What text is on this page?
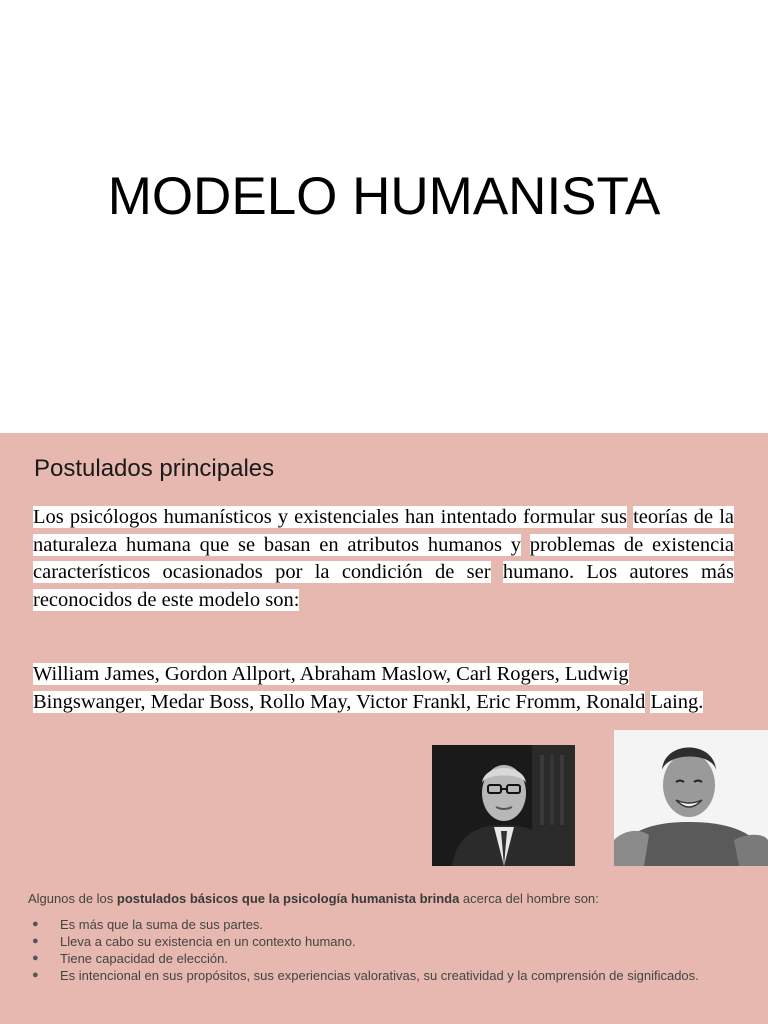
MODELO HUMANISTA
Postulados principales

Los psicólogos humanísticos y existenciales han intentado formular sus teorías de la naturaleza humana que se basan en atributos humanos y problemas de existencia característicos ocasionados por la condición de ser humano. Los autores más reconocidos de este modelo son:

William James, Gordon Allport, Abraham Maslow, Carl Rogers, Ludwig Bingswanger, Medar Boss, Rollo May, Victor Frankl, Eric Fromm, Ronald Laing.

Algunos de los postulados básicos que la psicología humanista brinda acerca del hombre son:

● Es más que la suma de sus partes.
● Lleva a cabo su existencia en un contexto humano.
● Tiene capacidad de elección.
● Es intencional en sus propósitos, sus experiencias valorativas, su creatividad y la comprensión de significados.
